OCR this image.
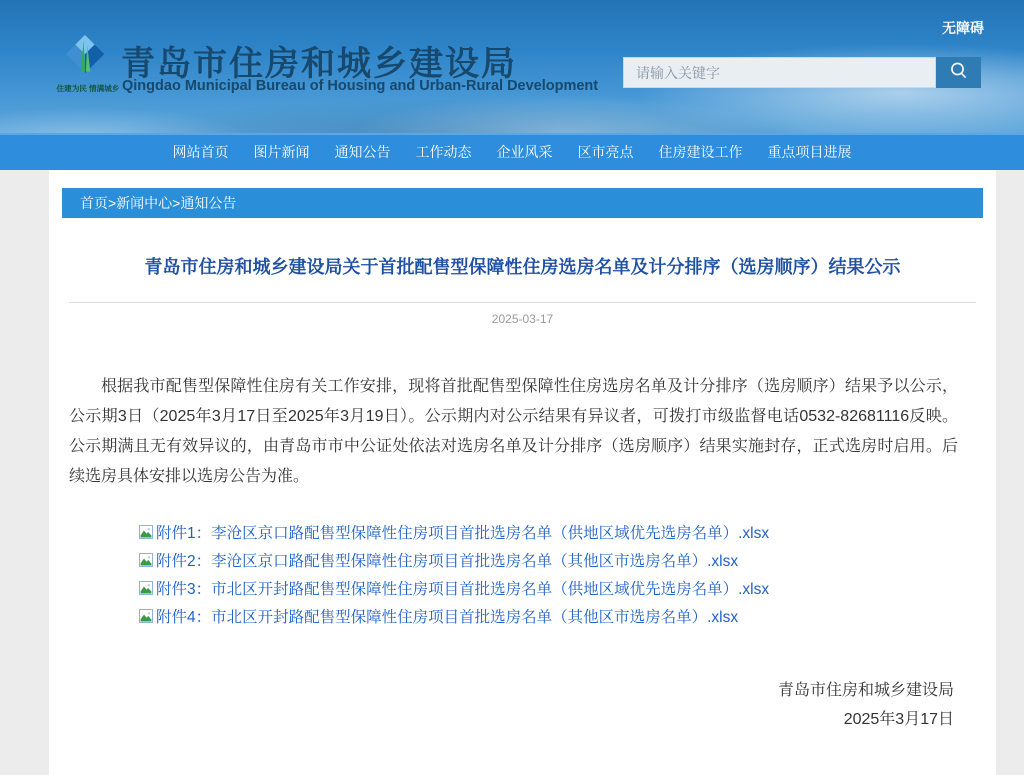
住建为民 情满城乡
青岛市住房和城乡建设局
Qingdao Municipal Bureau of Housing and Urban-Rural Development
无障碍
请输入关键字
网站首页	图片新闻	通知公告	工作动态	企业风采	区市亮点	住房建设工作	重点项目进展
首页>新闻中心>通知公告
青岛市住房和城乡建设局关于首批配售型保障性住房选房名单及计分排序（选房顺序）结果公示
2025-03-17

根据我市配售型保障性住房有关工作安排，现将首批配售型保障性住房选房名单及计分排序（选房顺序）结果予以公示，公示期3日（2025年3月17日至2025年3月19日）。公示期内对公示结果有异议者，可拨打市级监督电话0532-82681116反映。公示期满且无有效异议的，由青岛市市中公证处依法对选房名单及计分排序（选房顺序）结果实施封存，正式选房时启用。后续选房具体安排以选房公告为准。

附件1：李沧区京口路配售型保障性住房项目首批选房名单（供地区域优先选房名单）.xlsx
附件2：李沧区京口路配售型保障性住房项目首批选房名单（其他区市选房名单）.xlsx
附件3：市北区开封路配售型保障性住房项目首批选房名单（供地区域优先选房名单）.xlsx
附件4：市北区开封路配售型保障性住房项目首批选房名单（其他区市选房名单）.xlsx
青岛市住房和城乡建设局
2025年3月17日
